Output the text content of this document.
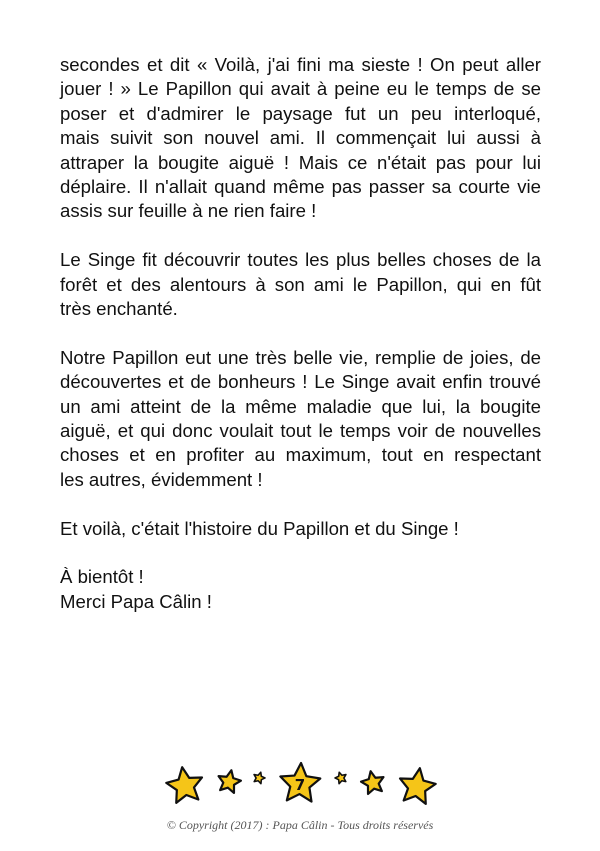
secondes et dit « Voilà, j'ai fini ma sieste ! On peut aller
jouer ! » Le Papillon qui avait à peine eu le temps de se
poser et d'admirer le paysage fut un peu interloqué,
mais suivit son nouvel ami. Il commençait lui aussi à
attraper la bougite aiguë ! Mais ce n'était pas pour lui
déplaire. Il n'allait quand même pas passer sa courte vie
assis sur feuille à ne rien faire !

Le Singe fit découvrir toutes les plus belles choses de la
forêt et des alentours à son ami le Papillon, qui en fût
très enchanté.

Notre Papillon eut une très belle vie, remplie de joies, de
découvertes et de bonheurs ! Le Singe avait enfin trouvé
un ami atteint de la même maladie que lui, la bougite
aiguë, et qui donc voulait tout le temps voir de nouvelles
choses et en profiter au maximum, tout en respectant
les autres, évidemment !

Et voilà, c'était l'histoire du Papillon et du Singe !

À bientôt !
Merci Papa Câlin !

7
© Copyright (2017) : Papa Câlin - Tous droits réservés
